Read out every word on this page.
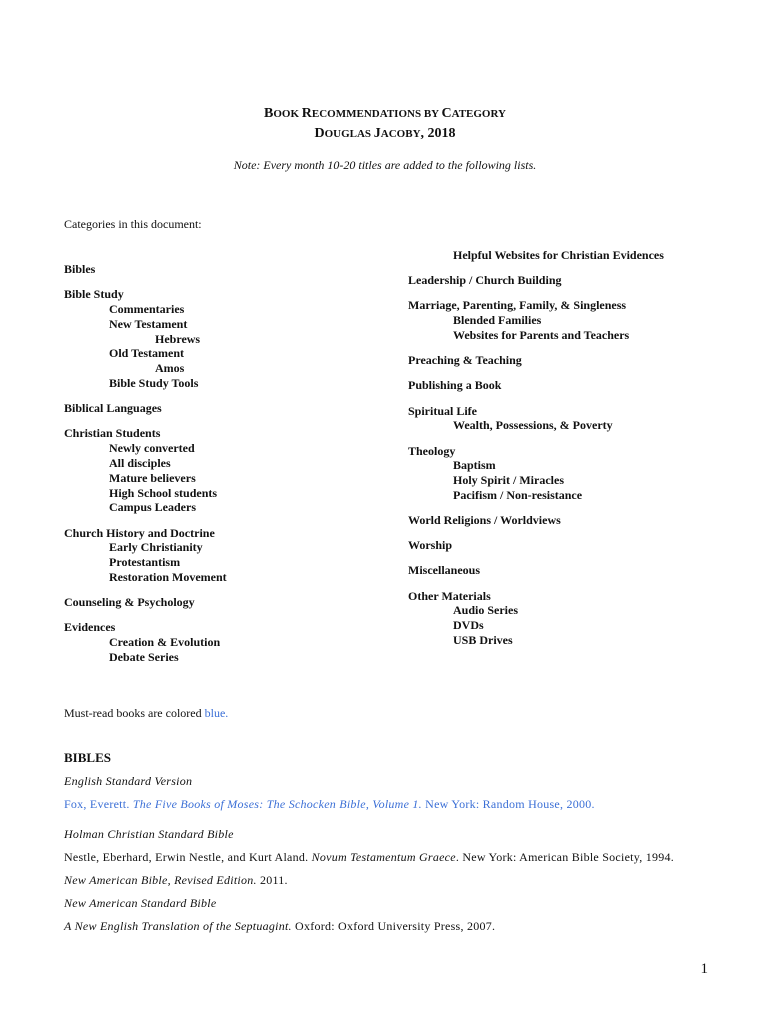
BOOK RECOMMENDATIONS BY CATEGORY
DOUGLAS JACOBY, 2018
Note: Every month 10-20 titles are added to the following lists.
Categories in this document:
Bibles
Bible Study
Commentaries
New Testament
Hebrews
Old Testament
Amos
Bible Study Tools
Biblical Languages
Christian Students
Newly converted
All disciples
Mature believers
High School students
Campus Leaders
Church History and Doctrine
Early Christianity
Protestantism
Restoration Movement
Counseling & Psychology
Evidences
Creation & Evolution
Debate Series
Helpful Websites for Christian Evidences
Leadership / Church Building
Marriage, Parenting, Family, & Singleness
Blended Families
Websites for Parents and Teachers
Preaching & Teaching
Publishing a Book
Spiritual Life
Wealth, Possessions, & Poverty
Theology
Baptism
Holy Spirit / Miracles
Pacifism / Non-resistance
World Religions / Worldviews
Worship
Miscellaneous
Other Materials
Audio Series
DVDs
USB Drives
Must-read books are colored blue.
BIBLES
English Standard Version
Fox, Everett. The Five Books of Moses: The Schocken Bible, Volume 1. New York: Random House, 2000.
Holman Christian Standard Bible
Nestle, Eberhard, Erwin Nestle, and Kurt Aland. Novum Testamentum Graece. New York: American Bible Society, 1994.
New American Bible, Revised Edition. 2011.
New American Standard Bible
A New English Translation of the Septuagint. Oxford: Oxford University Press, 2007.
1
